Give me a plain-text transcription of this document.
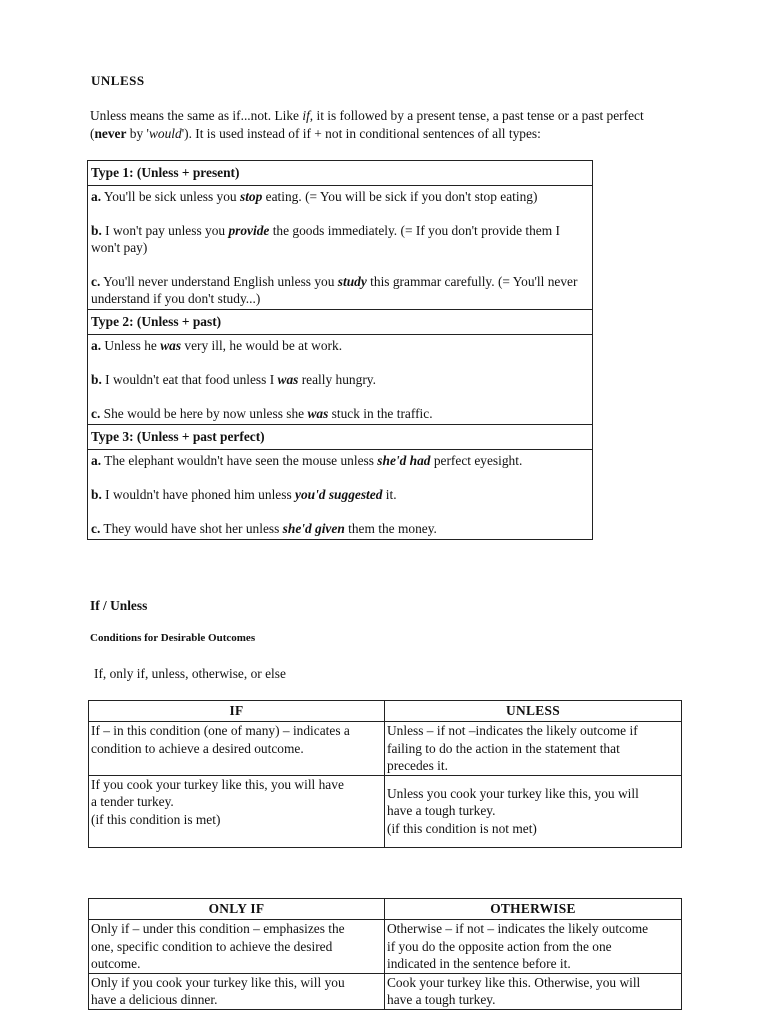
UNLESS
Unless means the same as if...not. Like if, it is followed by a present tense, a past tense or a past perfect (never by 'would'). It is used instead of if + not in conditional sentences of all types:
Type 1: (Unless + present)

a. You'll be sick unless you stop eating. (= You will be sick if you don't stop eating)
b. I won't pay unless you provide the goods immediately. (= If you don't provide them I won't pay)
c. You'll never understand English unless you study this grammar carefully. (= You'll never understand if you don't study...)

Type 2: (Unless + past)

a. Unless he was very ill, he would be at work.
b. I wouldn't eat that food unless I was really hungry.
c. She would be here by now unless she was stuck in the traffic.

Type 3: (Unless + past perfect)

a. The elephant wouldn't have seen the mouse unless she'd had perfect eyesight.
b. I wouldn't have phoned him unless you'd suggested it.
c. They would have shot her unless she'd given them the money.
If / Unless
Conditions for Desirable Outcomes
If, only if, unless, otherwise, or else
IF	UNLESS

If – in this condition (one of many) – indicates a
condition to achieve a desired outcome.	Unless – if not –indicates the likely outcome if
failing to do the action in the statement that
precedes it.

If you cook your turkey like this, you will have
a tender turkey.
(if this condition is met)	Unless you cook your turkey like this, you will
have a tough turkey.
(if this condition is not met)
ONLY IF	OTHERWISE

Only if – under this condition – emphasizes the
one, specific condition to achieve the desired
outcome.	Otherwise – if not – indicates the likely outcome
if you do the opposite action from the one
indicated in the sentence before it.

Only if you cook your turkey like this, will you
have a delicious dinner.	Cook your turkey like this. Otherwise, you will
have a tough turkey.
